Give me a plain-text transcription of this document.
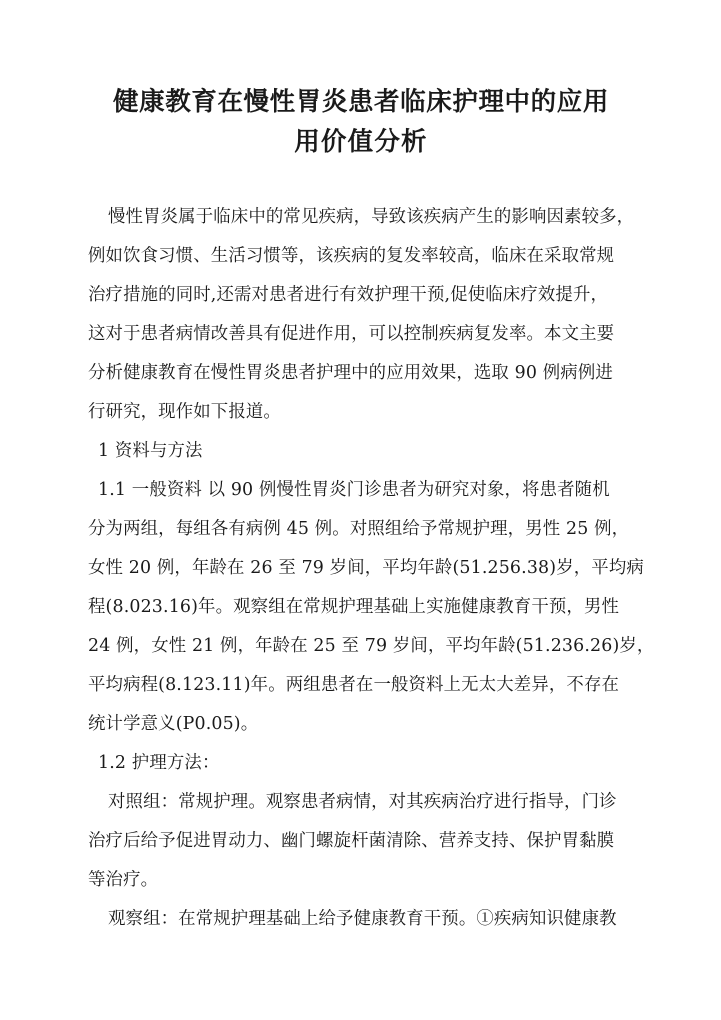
健康教育在慢性胃炎患者临床护理中的应用
用价值分析

慢性胃炎属于临床中的常见疾病，导致该疾病产生的影响因素较多，
例如饮食习惯、生活习惯等，该疾病的复发率较高，临床在采取常规
治疗措施的同时,还需对患者进行有效护理干预,促使临床疗效提升，
这对于患者病情改善具有促进作用，可以控制疾病复发率。本文主要
分析健康教育在慢性胃炎患者护理中的应用效果，选取 90 例病例进
行研究，现作如下报道。

1 资料与方法

1.1 一般资料 以 90 例慢性胃炎门诊患者为研究对象，将患者随机
分为两组，每组各有病例 45 例。对照组给予常规护理，男性 25 例，
女性 20 例，年龄在 26 至 79 岁间，平均年龄(51.256.38)岁，平均病
程(8.023.16)年。观察组在常规护理基础上实施健康教育干预，男性
24 例，女性 21 例，年龄在 25 至 79 岁间，平均年龄(51.236.26)岁，
平均病程(8.123.11)年。两组患者在一般资料上无太大差异，不存在
统计学意义(P0.05)。

1.2 护理方法：

对照组：常规护理。观察患者病情，对其疾病治疗进行指导，门诊
治疗后给予促进胃动力、幽门螺旋杆菌清除、营养支持、保护胃黏膜
等治疗。

观察组：在常规护理基础上给予健康教育干预。①疾病知识健康教
